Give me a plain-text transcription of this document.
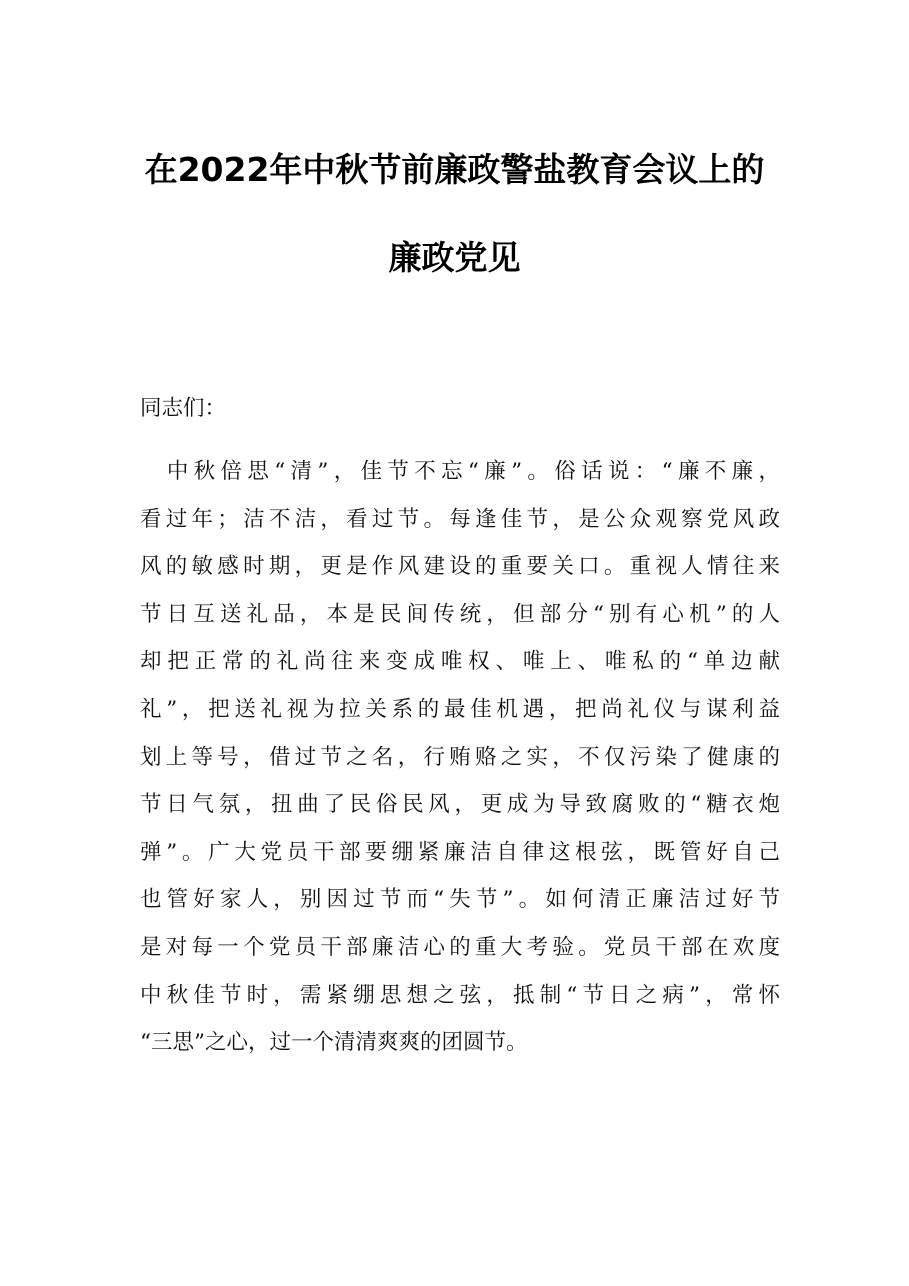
在2022年中秋节前廉政警盐教育会议上的
廉政党见
同志们：
　中秋倍思“清”，佳节不忘“廉”。俗话说：“廉不廉，
看过年；洁不洁，看过节。每逢佳节，是公众观察党风政
风的敏感时期，更是作风建设的重要关口。重视人情往来
节日互送礼品，本是民间传统，但部分“别有心机”的人
却把正常的礼尚往来变成唯权、唯上、唯私的“单边献
礼”，把送礼视为拉关系的最佳机遇，把尚礼仪与谋利益
划上等号，借过节之名，行贿赂之实，不仅污染了健康的
节日气氛，扭曲了民俗民风，更成为导致腐败的“糖衣炮
弹”。广大党员干部要绷紧廉洁自律这根弦，既管好自己
也管好家人，别因过节而“失节”。如何清正廉洁过好节
是对每一个党员干部廉洁心的重大考验。党员干部在欢度
中秋佳节时，需紧绷思想之弦，抵制“节日之病”，常怀
“三思”之心，过一个清清爽爽的团圆节。
